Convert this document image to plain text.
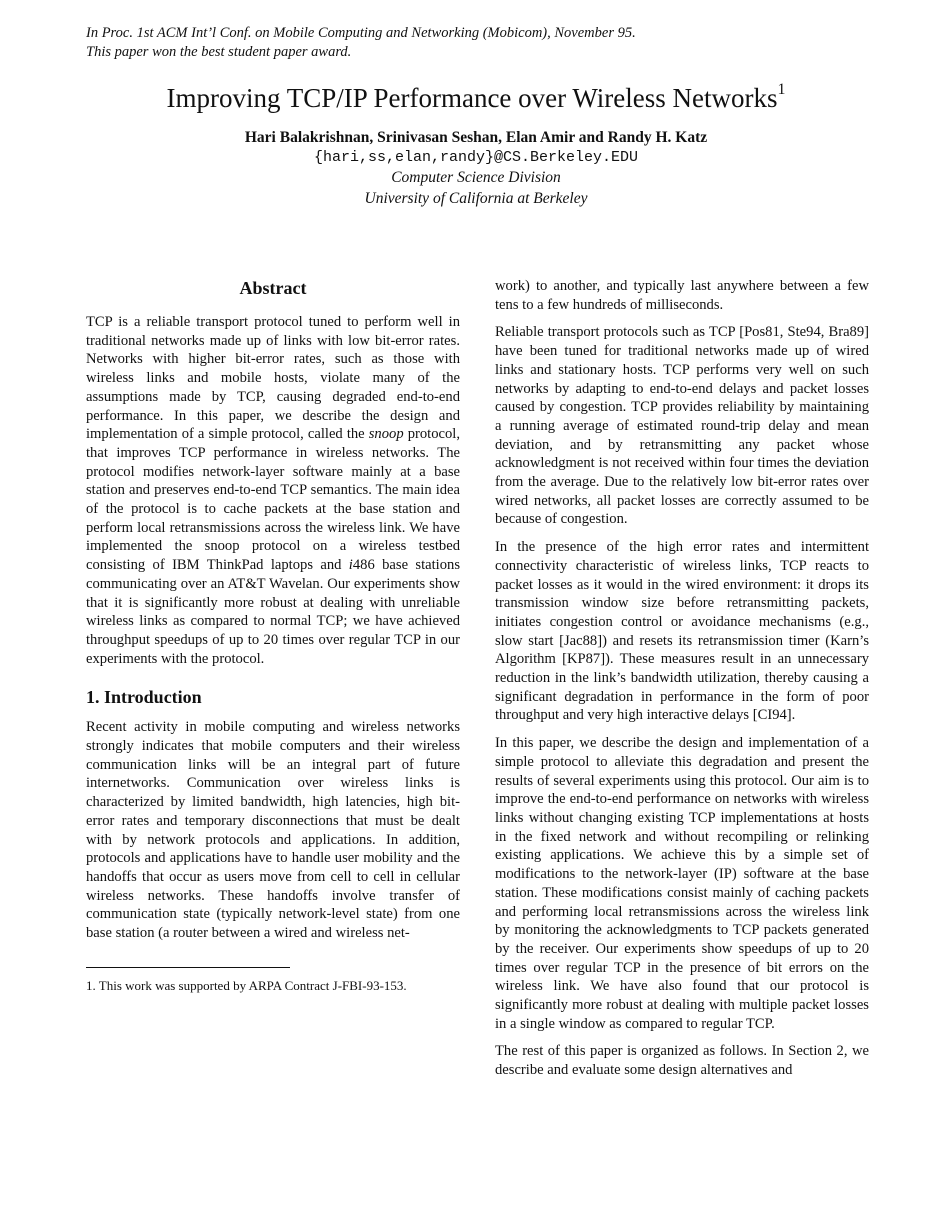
In Proc. 1st ACM Int’l Conf. on Mobile Computing and Networking (Mobicom), November 95.
This paper won the best student paper award.
Improving TCP/IP Performance over Wireless Networks$^1$
Hari Balakrishnan, Srinivasan Seshan, Elan Amir and Randy H. Katz
{hari,ss,elan,randy}@CS.Berkeley.EDU
Computer Science Division
University of California at Berkeley
Abstract

TCP is a reliable transport protocol tuned to perform well in traditional networks made up of links with low bit-error rates. Networks with higher bit-error rates, such as those with wireless links and mobile hosts, violate many of the assumptions made by TCP, causing degraded end-to-end performance. In this paper, we describe the design and implementation of a simple protocol, called the snoop protocol, that improves TCP performance in wireless networks. The protocol modifies network-layer software mainly at a base station and preserves end-to-end TCP semantics. The main idea of the protocol is to cache packets at the base station and perform local retransmissions across the wireless link. We have implemented the snoop protocol on a wireless testbed consisting of IBM ThinkPad laptops and i486 base stations communicating over an AT&T Wavelan. Our experiments show that it is significantly more robust at dealing with unreliable wireless links as compared to normal TCP; we have achieved throughput speedups of up to 20 times over regular TCP in our experiments with the protocol.

1. Introduction

Recent activity in mobile computing and wireless networks strongly indicates that mobile computers and their wireless communication links will be an integral part of future internetworks. Communication over wireless links is characterized by limited bandwidth, high latencies, high bit-error rates and temporary disconnections that must be dealt with by network protocols and applications. In addition, protocols and applications have to handle user mobility and the handoffs that occur as users move from cell to cell in cellular wireless networks. These handoffs involve transfer of communication state (typically network-level state) from one base station (a router between a wired and wireless net-

1. This work was supported by ARPA Contract J-FBI-93-153.

work) to another, and typically last anywhere between a few tens to a few hundreds of milliseconds.

Reliable transport protocols such as TCP [Pos81, Ste94, Bra89] have been tuned for traditional networks made up of wired links and stationary hosts. TCP performs very well on such networks by adapting to end-to-end delays and packet losses caused by congestion. TCP provides reliability by maintaining a running average of estimated round-trip delay and mean deviation, and by retransmitting any packet whose acknowledgment is not received within four times the deviation from the average. Due to the relatively low bit-error rates over wired networks, all packet losses are correctly assumed to be because of congestion.

In the presence of the high error rates and intermittent connectivity characteristic of wireless links, TCP reacts to packet losses as it would in the wired environment: it drops its transmission window size before retransmitting packets, initiates congestion control or avoidance mechanisms (e.g., slow start [Jac88]) and resets its retransmission timer (Karn’s Algorithm [KP87]). These measures result in an unnecessary reduction in the link’s bandwidth utilization, thereby causing a significant degradation in performance in the form of poor throughput and very high interactive delays [CI94].

In this paper, we describe the design and implementation of a simple protocol to alleviate this degradation and present the results of several experiments using this protocol. Our aim is to improve the end-to-end performance on networks with wireless links without changing existing TCP implementations at hosts in the fixed network and without recompiling or relinking existing applications. We achieve this by a simple set of modifications to the network-layer (IP) software at the base station. These modifications consist mainly of caching packets and performing local retransmissions across the wireless link by monitoring the acknowledgments to TCP packets generated by the receiver. Our experiments show speedups of up to 20 times over regular TCP in the presence of bit errors on the wireless link. We have also found that our protocol is significantly more robust at dealing with multiple packet losses in a single window as compared to regular TCP.

The rest of this paper is organized as follows. In Section 2, we describe and evaluate some design alternatives and
